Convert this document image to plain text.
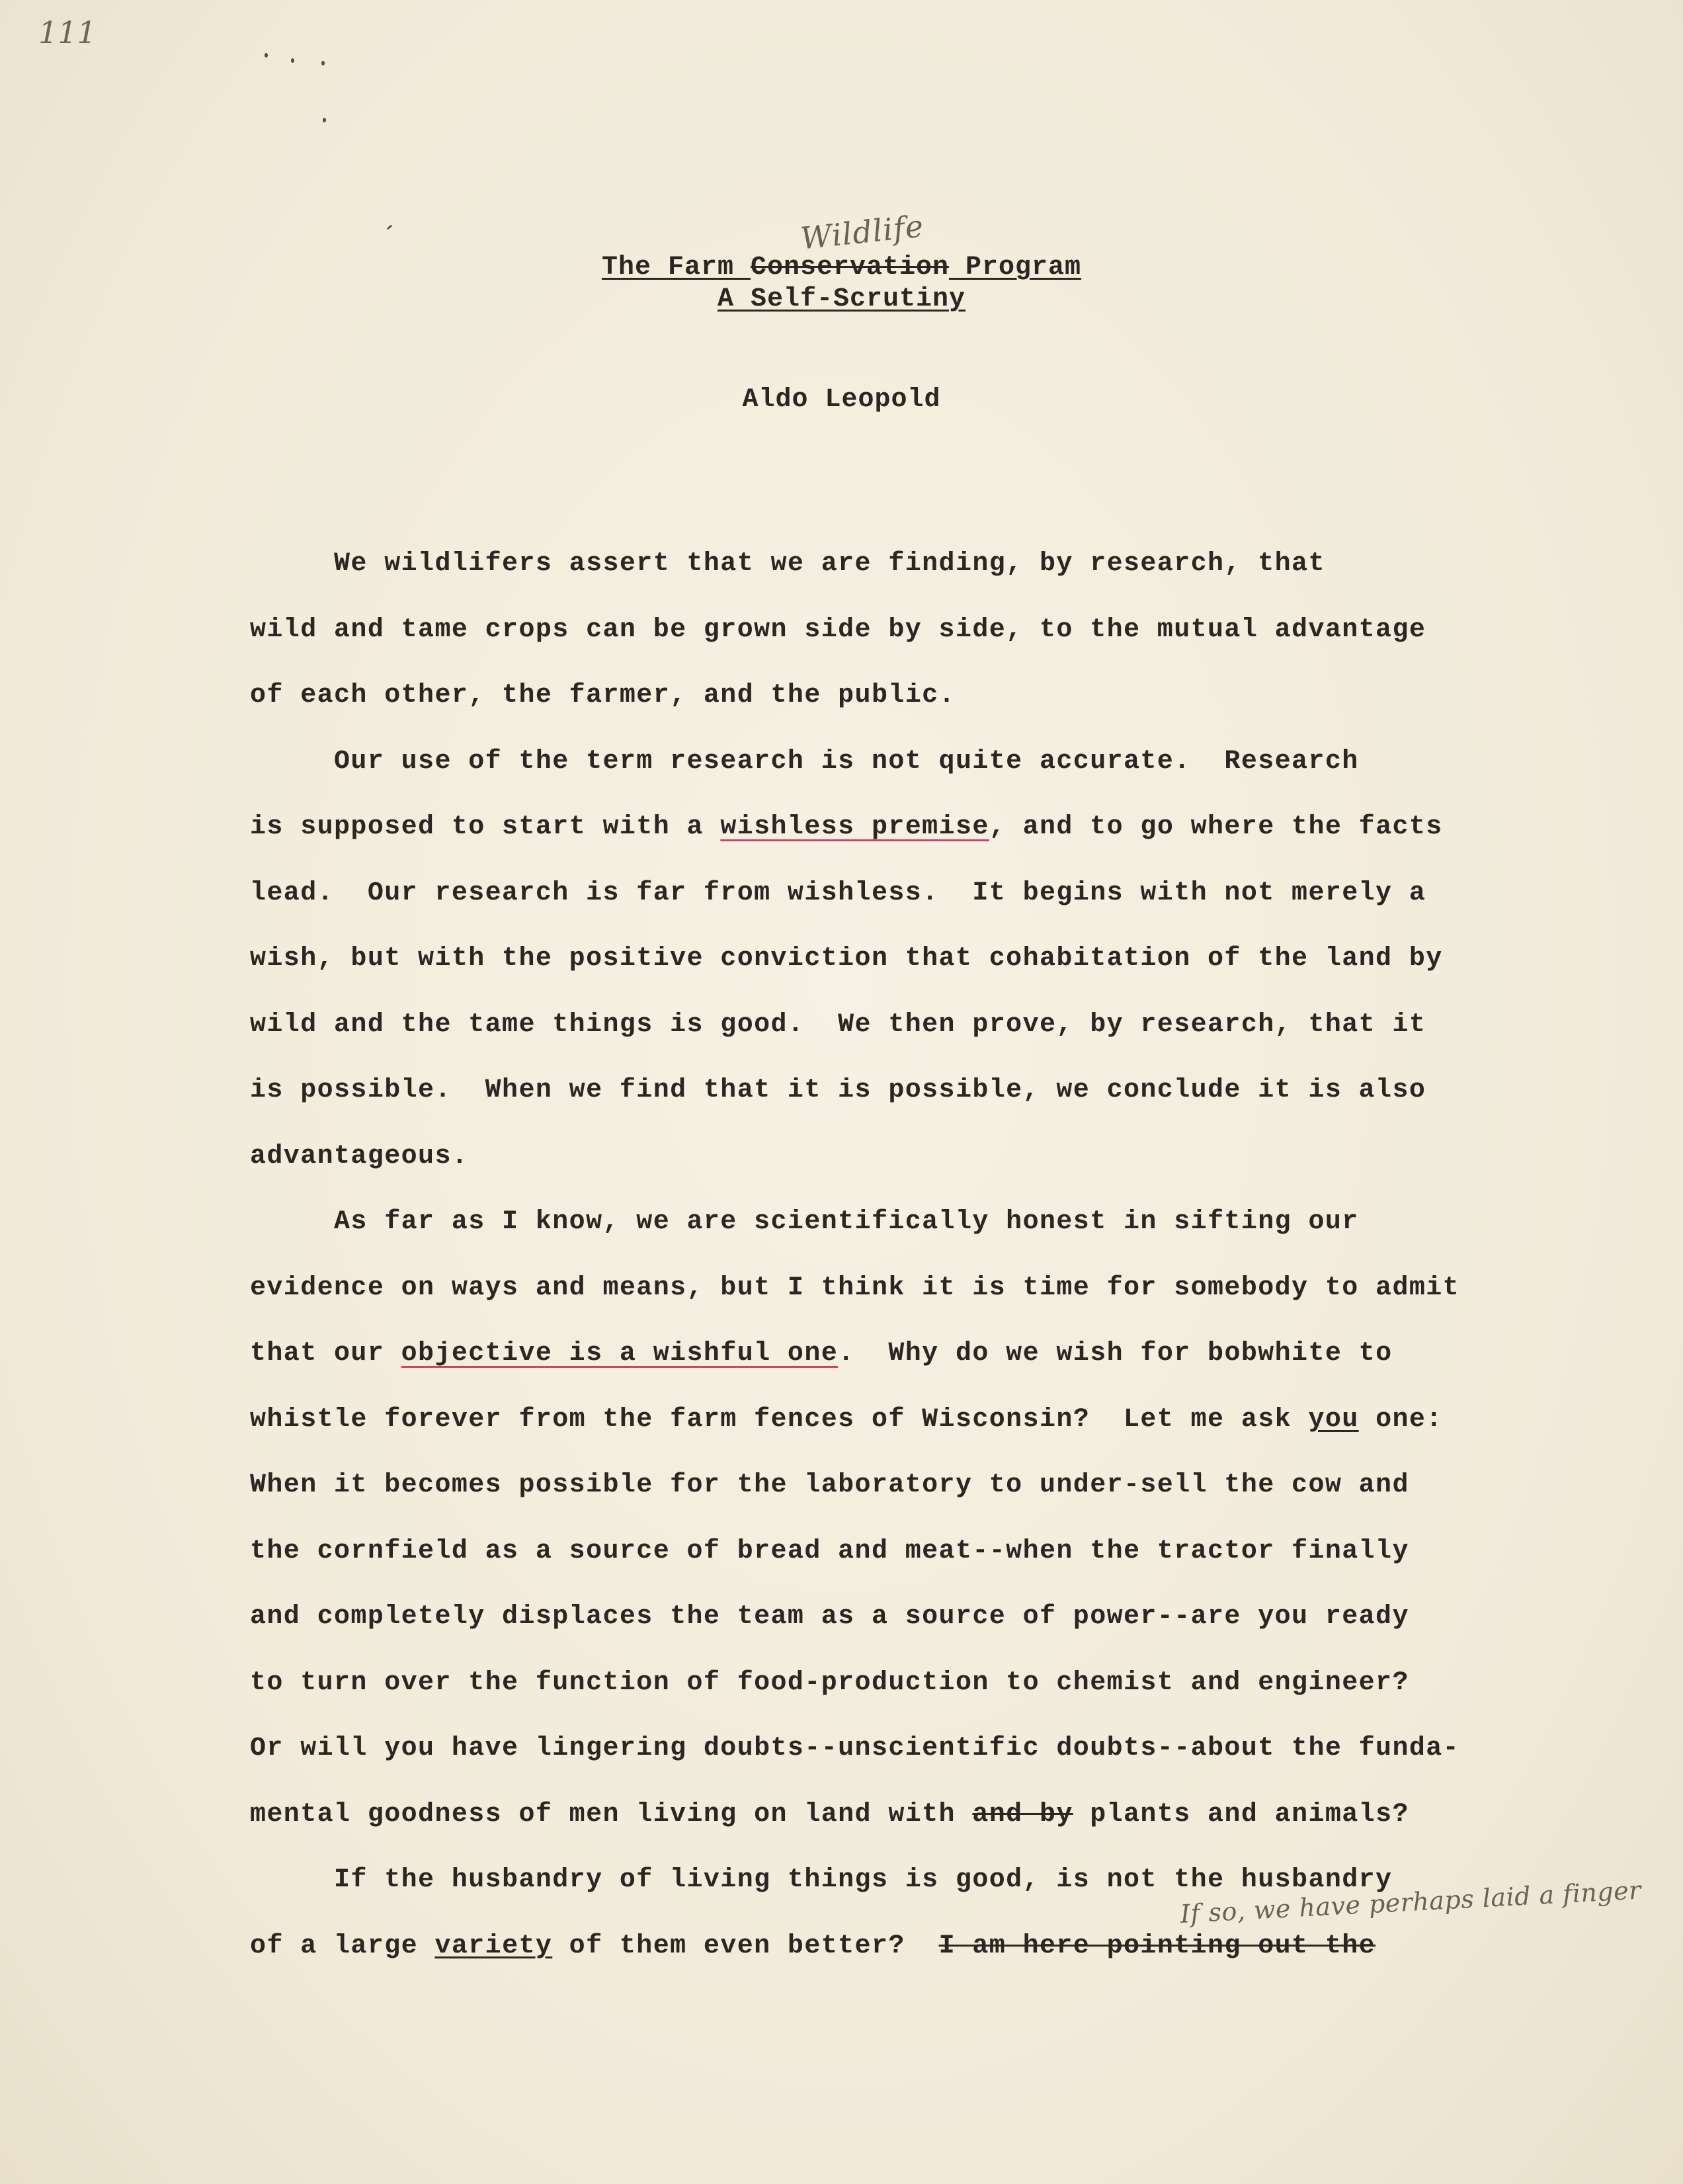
111
The Farm Conservation
Wildlife
Program
A Self-Scrutiny
Aldo Leopold
We wildlifers assert that we are finding, by research, that
wild and tame crops can be grown side by side, to the mutual advantage
of each other, the farmer, and the public.
Our use of the term research is not quite accurate.  Research
is supposed to start with a wishless premise, and to go where the facts
lead.  Our research is far from wishless.  It begins with not merely a
wish, but with the positive conviction that cohabitation of the land by
wild and the tame things is good.  We then prove, by research, that it
is possible.  When we find that it is possible, we conclude it is also
advantageous.
As far as I know, we are scientifically honest in sifting our
evidence on ways and means, but I think it is time for somebody to admit
that our objective is a wishful one.  Why do we wish for bobwhite to
whistle forever from the farm fences of Wisconsin?  Let me ask you one:
When it becomes possible for the laboratory to under-sell the cow and
the cornfield as a source of bread and meat--when the tractor finally
and completely displaces the team as a source of power--are you ready
to turn over the function of food-production to chemist and engineer?
Or will you have lingering doubts--unscientific doubts--about the funda-
mental goodness of men living on land with and by plants and animals?
If the husbandry of living things is good, is not the husbandry
of a large variety of them even better?  I am here pointing out the
If so, we have perhaps laid a finger
